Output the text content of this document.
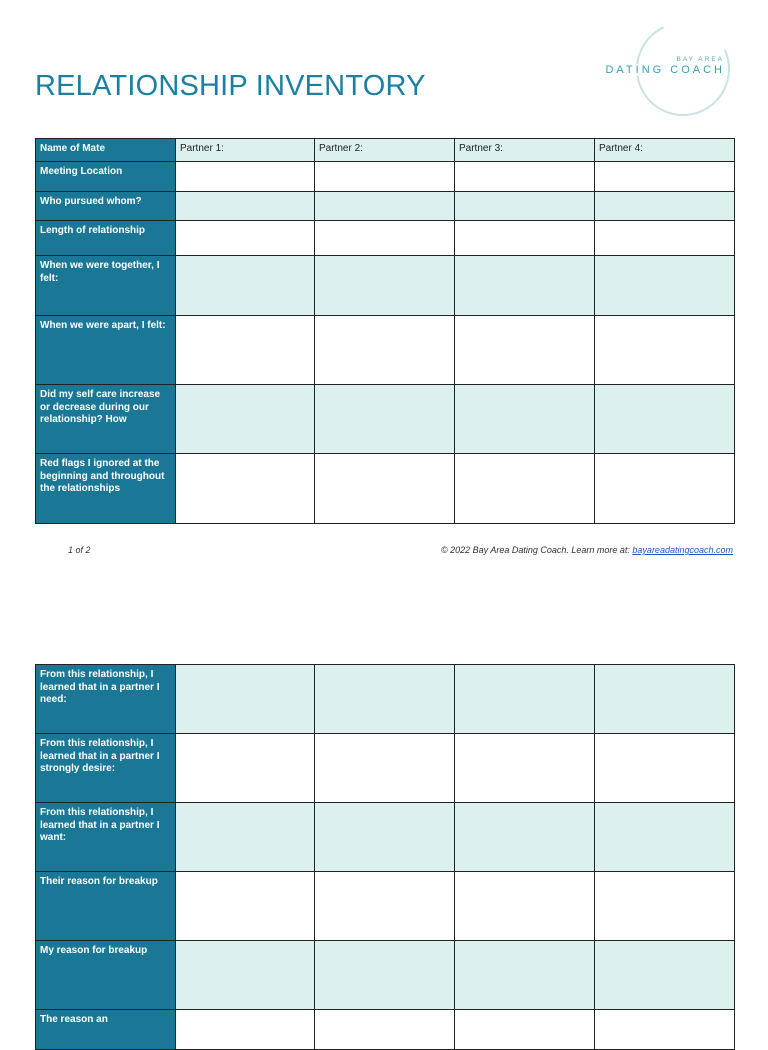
RELATIONSHIP INVENTORY
BAY AREA
DATING COACH
Name of Mate	Partner 1:	Partner 2:	Partner 3:	Partner 4:
Meeting Location				
Who pursued whom?				
Length of relationship				
When we were together, I felt:				
When we were apart, I felt:				
Did my self care increase or decrease during our relationship? How				
Red flags I ignored at the beginning and throughout the relationships				
1 of 2	© 2022 Bay Area Dating Coach. Learn more at: bayareadatingcoach.com
From this relationship, I learned that in a partner I need:				
From this relationship, I learned that in a partner I strongly desire:				
From this relationship, I learned that in a partner I want:				
Their reason for breakup				
My reason for breakup				
The reason an				
